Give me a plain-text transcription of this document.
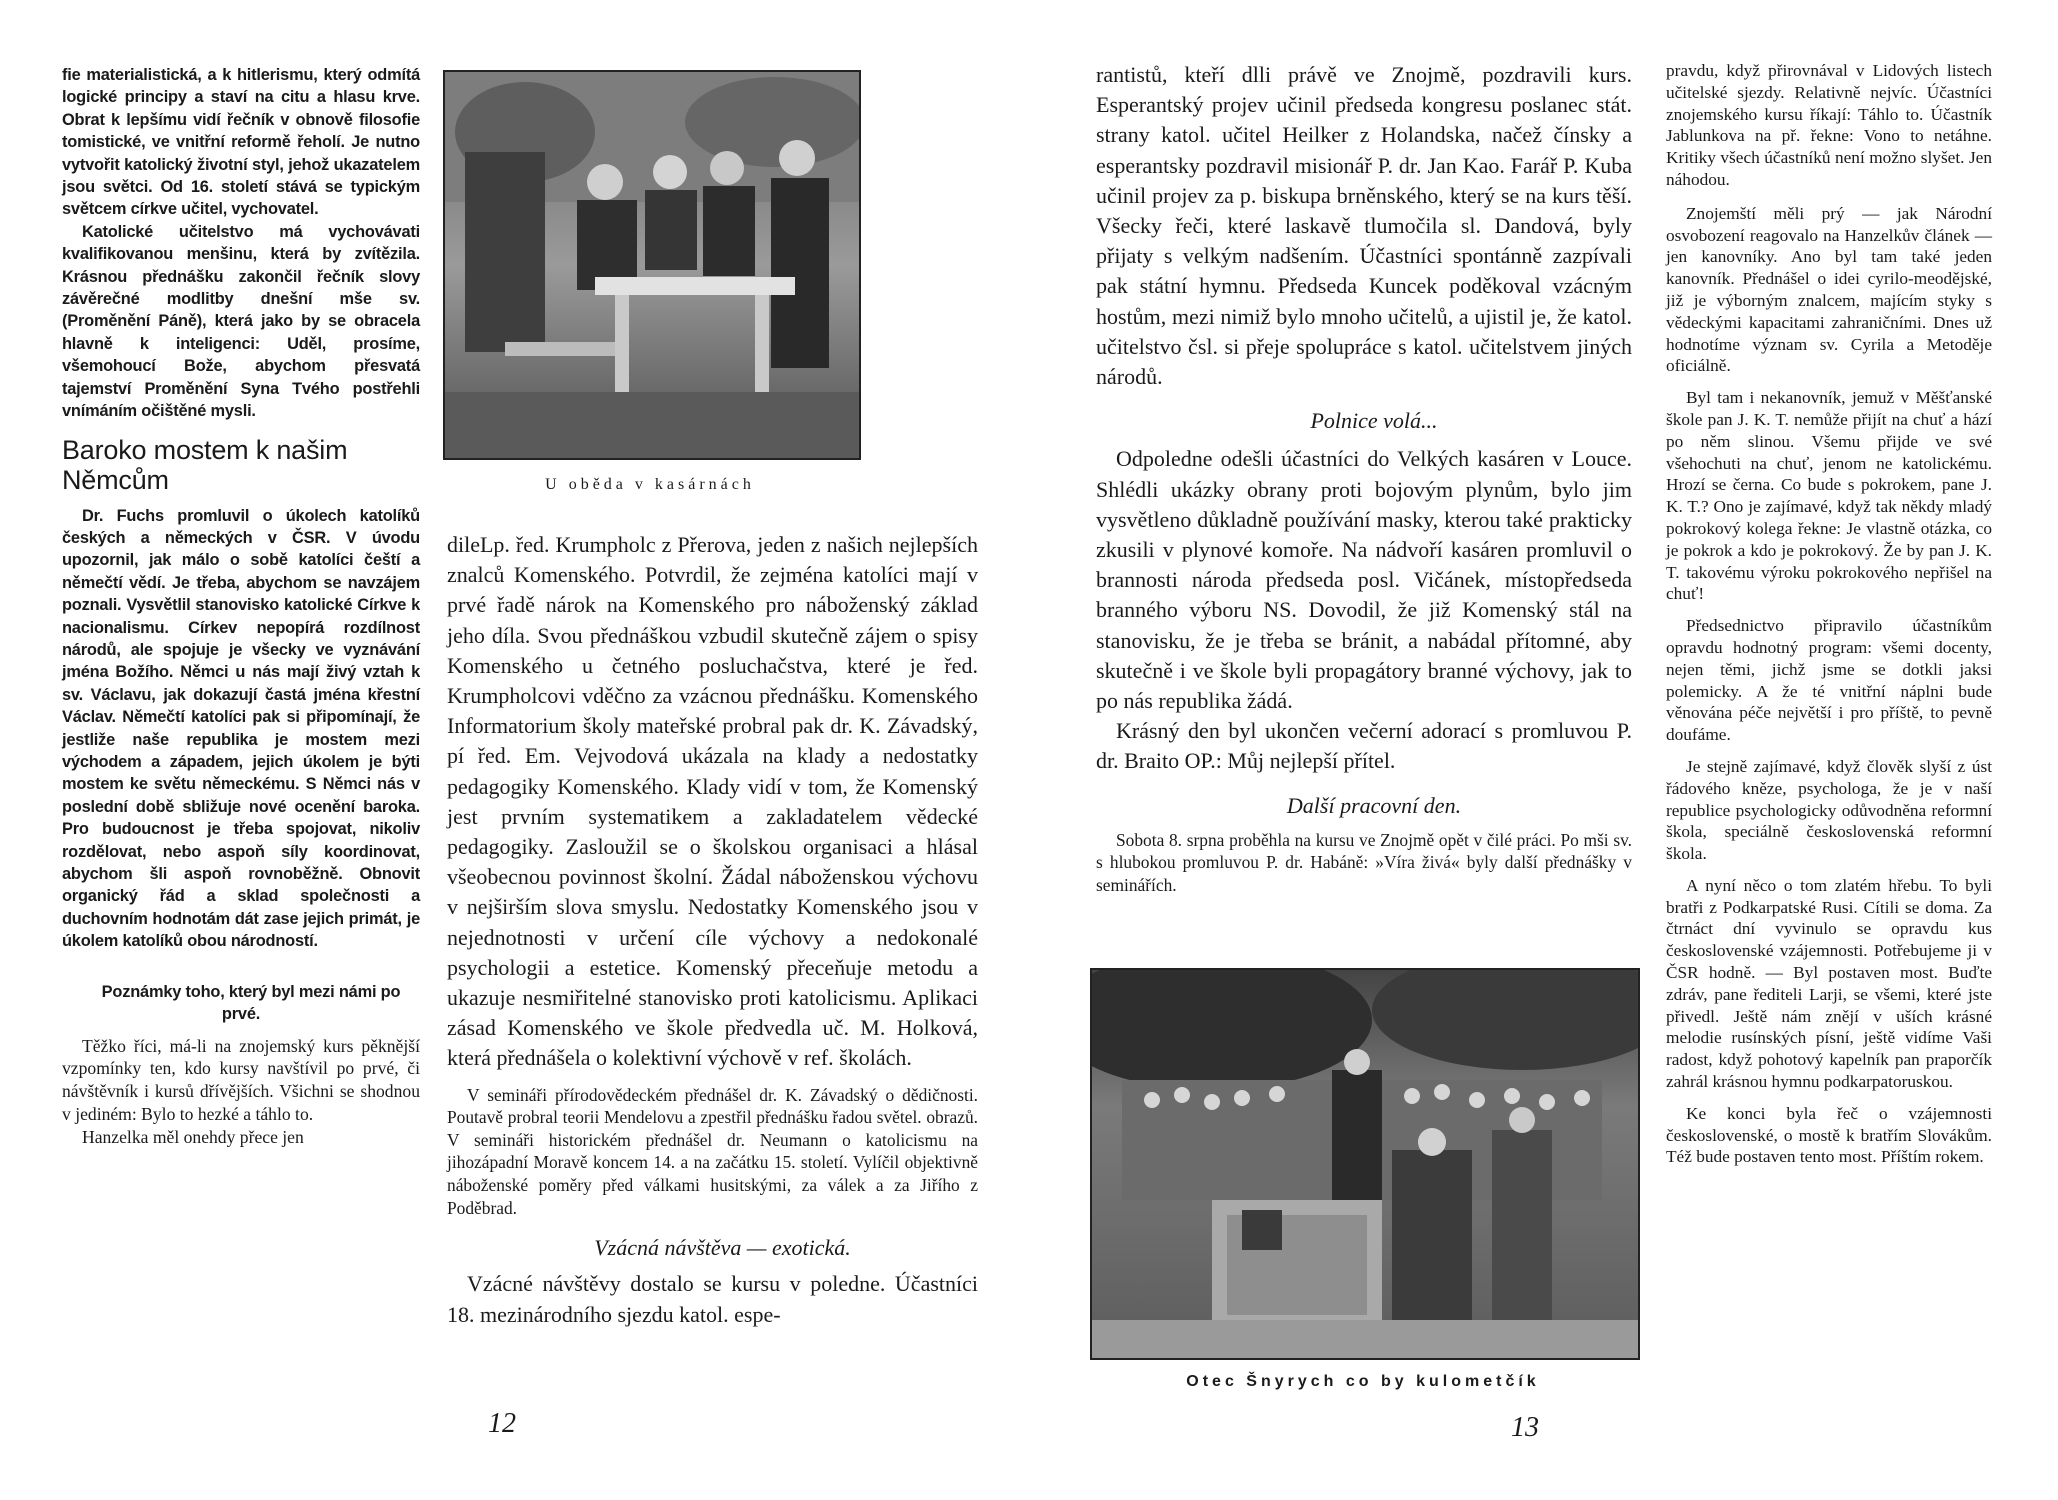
fie materialistická, a k hitlerismu, který odmítá logické principy a staví na citu a hlasu krve. Obrat k lepšímu vidí řečník v obnově filosofie tomistické, ve vnitřní reformě řeholí. Je nutno vytvořit katolický životní styl, jehož ukazatelem jsou světci. Od 16. století stává se typickým světcem církve učitel, vychovatel.

Katolické učitelstvo má vychovávati kvalifikovanou menšinu, která by zvítězila. Krásnou přednášku zakončil řečník slovy závěrečné modlitby dnešní mše sv. (Proměnění Páně), která jako by se obracela hlavně k inteligenci: Uděl, prosíme, všemohoucí Bože, abychom přesvatá tajemství Proměnění Syna Tvého postřehli vnímáním očištěné mysli.

Baroko mostem k našim Němcům

Dr. Fuchs promluvil o úkolech katolíků českých a německých v ČSR. V úvodu upozornil, jak málo o sobě katolíci čeští a němečtí vědí. Je třeba, abychom se navzájem poznali. Vysvětlil stanovisko katolické Církve k nacionalismu. Církev nepopírá rozdílnost národů, ale spojuje je všecky ve vyznávání jména Božího. Němci u nás mají živý vztah k sv. Václavu, jak dokazují častá jména křestní Václav. Němečtí katolíci pak si připomínají, že jestliže naše republika je mostem mezi východem a západem, jejich úkolem je býti mostem ke světu německému. S Němci nás v poslední době sbližuje nové ocenění baroka. Pro budoucnost je třeba spojovat, nikoliv rozdělovat, nebo aspoň síly koordinovat, abychom šli aspoň rovnoběžně. Obnovit organický řád a sklad společnosti a duchovním hodnotám dát zase jejich primát, je úkolem katolíků obou národností.

Poznámky toho, který byl mezi námi po prvé.

Těžko říci, má-li na znojemský kurs pěknější vzpomínky ten, kdo kursy navštívil po prvé, či návštěvník i kursů dřívějších. Všichni se shodnou v jediném: Bylo to hezké a táhlo to.

Hanzelka měl onehdy přece jen

U oběda v kasárnách

dileLp. řed. Krumpholc z Přerova, jeden z našich nejlepších znalců Komenského. Potvrdil, že zejména katolíci mají v prvé řadě nárok na Komenského pro náboženský základ jeho díla. Svou přednáškou vzbudil skutečně zájem o spisy Komenského u četného posluchačstva, které je řed. Krumpholcovi vděčno za vzácnou přednášku. Komenského Informatorium školy mateřské probral pak dr. K. Závadský, pí řed. Em. Vejvodová ukázala na klady a nedostatky pedagogiky Komenského. Klady vidí v tom, že Komenský jest prvním systematikem a zakladatelem vědecké pedagogiky. Zasloužil se o školskou organisaci a hlásal všeobecnou povinnost školní. Žádal náboženskou výchovu v nejširším slova smyslu. Nedostatky Komenského jsou v nejednotnosti v určení cíle výchovy a nedokonalé psychologii a estetice. Komenský přeceňuje metodu a ukazuje nesmiřitelné stanovisko proti katolicismu. Aplikaci zásad Komenského ve škole předvedla uč. M. Holková, která přednášela o kolektivní výchově v ref. školách.

V semináři přírodovědeckém přednášel dr. K. Závadský o dědičnosti. Poutavě probral teorii Mendelovu a zpestřil přednášku řadou světel. obrazů. V semináři historickém přednášel dr. Neumann o katolicismu na jihozápadní Moravě koncem 14. a na začátku 15. století. Vylíčil objektivně náboženské poměry před válkami husitskými, za válek a za Jiřího z Poděbrad.

Vzácná návštěva — exotická.

Vzácné návštěvy dostalo se kursu v poledne. Účastníci 18. mezinárodního sjezdu katol. espe-

12

rantistů, kteří dlli právě ve Znojmě, pozdravili kurs. Esperantský projev učinil předseda kongresu poslanec stát. strany katol. učitel Heilker z Holandska, načež čínsky a esperantsky pozdravil misionář P. dr. Jan Kao. Farář P. Kuba učinil projev za p. biskupa brněnského, který se na kurs těší. Všecky řeči, které laskavě tlumočila sl. Dandová, byly přijaty s velkým nadšením. Účastníci spontánně zazpívali pak státní hymnu. Předseda Kuncek poděkoval vzácným hostům, mezi nimiž bylo mnoho učitelů, a ujistil je, že katol. učitelstvo čsl. si přeje spolupráce s katol. učitelstvem jiných národů.

Polnice volá...

Odpoledne odešli účastníci do Velkých kasáren v Louce. Shlédli ukázky obrany proti bojovým plynům, bylo jim vysvětleno důkladně používání masky, kterou také prakticky zkusili v plynové komoře. Na nádvoří kasáren promluvil o brannosti národa předseda posl. Vičánek, místopředseda branného výboru NS. Dovodil, že již Komenský stál na stanovisku, že je třeba se bránit, a nabádal přítomné, aby skutečně i ve škole byli propagátory branné výchovy, jak to po nás republika žádá.

Krásný den byl ukončen večerní adorací s promluvou P. dr. Braito OP.: Můj nejlepší přítel.

Další pracovní den.

Sobota 8. srpna proběhla na kursu ve Znojmě opět v čilé práci. Po mši sv. s hlubokou promluvou P. dr. Habáně: »Víra živá« byly další přednášky v seminářích.

Otec Šnyrych co by kulometčík

pravdu, když přirovnával v Lidových listech učitelské sjezdy. Relativně nejvíc. Účastníci znojemského kursu říkají: Táhlo to. Účastník Jablunkova na př. řekne: Vono to netáhne. Kritiky všech účastníků není možno slyšet. Jen náhodou.

Znojemští měli prý — jak Národní osvobození reagovalo na Hanzelkův článek — jen kanovníky. Ano byl tam také jeden kanovník. Přednášel o idei cyrilo-meodějské, již je výborným znalcem, majícím styky s vědeckými kapacitami zahraničními. Dnes už hodnotíme význam sv. Cyrila a Metoděje oficiálně.

Byl tam i nekanovník, jemuž v Měšťanské škole pan J. K. T. nemůže přijít na chuť a hází po něm slinou. Všemu přijde ve své všehochuti na chuť, jenom ne katolickému. Hrozí se černa. Co bude s pokrokem, pane J. K. T.? Ono je zajímavé, když tak někdy mladý pokrokový kolega řekne: Je vlastně otázka, co je pokrok a kdo je pokrokový. Že by pan J. K. T. takovému výroku pokrokového nepřišel na chuť!

Předsednictvo připravilo účastníkům opravdu hodnotný program: všemi docenty, nejen těmi, jichž jsme se dotkli jaksi polemicky. A že té vnitřní náplni bude věnována péče největší i pro příště, to pevně doufáme.

Je stejně zajímavé, když člověk slyší z úst řádového kněze, psychologa, že je v naší republice psychologicky odůvodněna reformní škola, speciálně československá reformní škola.

A nyní něco o tom zlatém hřebu. To byli bratři z Podkarpatské Rusi. Cítili se doma. Za čtrnáct dní vyvinulo se opravdu kus československé vzájemnosti. Potřebujeme ji v ČSR hodně. — Byl postaven most. Buďte zdráv, pane řediteli Larji, se všemi, které jste přivedl. Ještě nám znějí v uších krásné melodie rusínských písní, ještě vidíme Vaši radost, když pohotový kapelník pan praporčík zahrál krásnou hymnu podkarpatoruskou.

Ke konci byla řeč o vzájemnosti československé, o mostě k bratřím Slovákům. Též bude postaven tento most. Příštím rokem.

13
